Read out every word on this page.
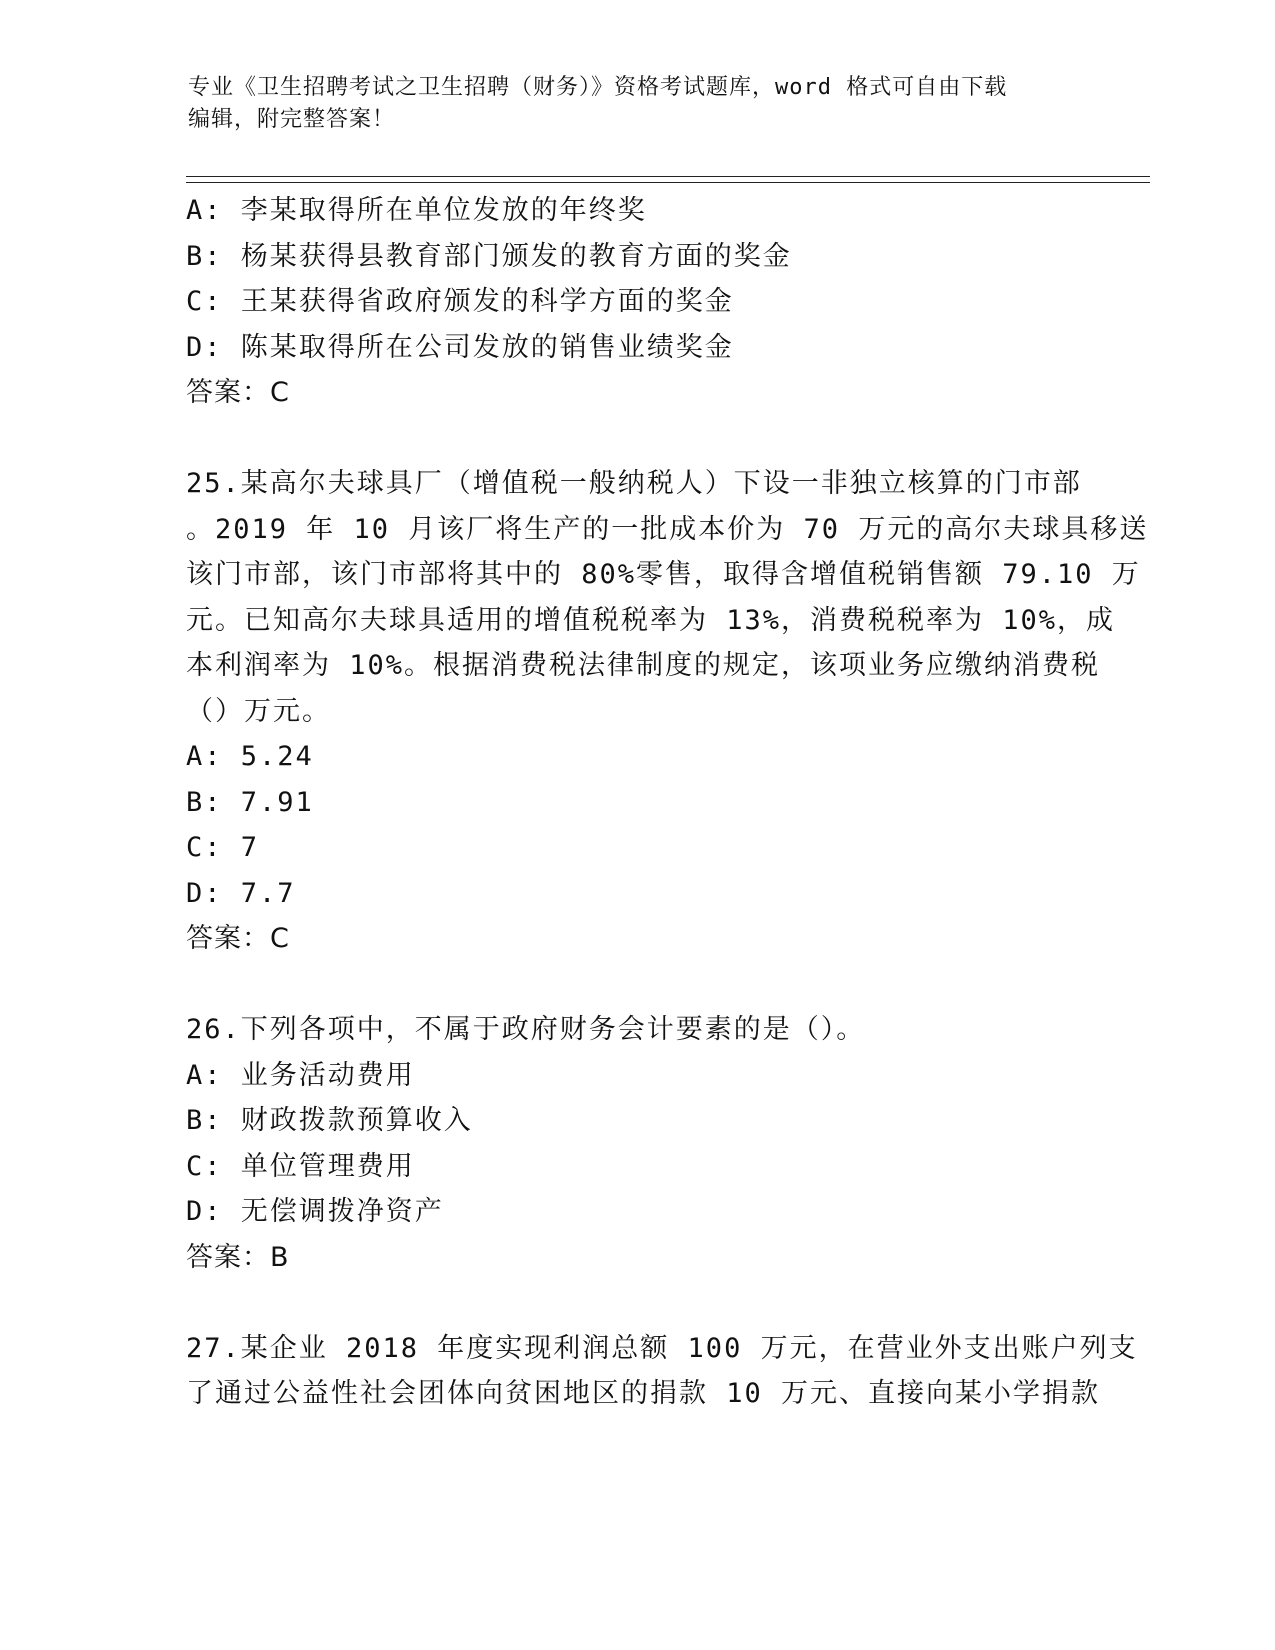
专业《卫生招聘考试之卫生招聘（财务）》资格考试题库，word 格式可自由下载
编辑，附完整答案！
A: 李某取得所在单位发放的年终奖
B: 杨某获得县教育部门颁发的教育方面的奖金
C: 王某获得省政府颁发的科学方面的奖金
D: 陈某取得所在公司发放的销售业绩奖金
答案：C
25.某高尔夫球具厂（增值税一般纳税人）下设一非独立核算的门市部
。2019 年 10 月该厂将生产的一批成本价为 70 万元的高尔夫球具移送
该门市部，该门市部将其中的 80%零售，取得含增值税销售额 79.10 万
元。已知高尔夫球具适用的增值税税率为 13%，消费税税率为 10%，成
本利润率为 10%。根据消费税法律制度的规定，该项业务应缴纳消费税
（）万元。
A: 5.24
B: 7.91
C: 7
D: 7.7
答案：C
26.下列各项中，不属于政府财务会计要素的是（）。
A: 业务活动费用
B: 财政拨款预算收入
C: 单位管理费用
D: 无偿调拨净资产
答案：B
27.某企业 2018 年度实现利润总额 100 万元，在营业外支出账户列支
了通过公益性社会团体向贫困地区的捐款 10 万元、直接向某小学捐款
